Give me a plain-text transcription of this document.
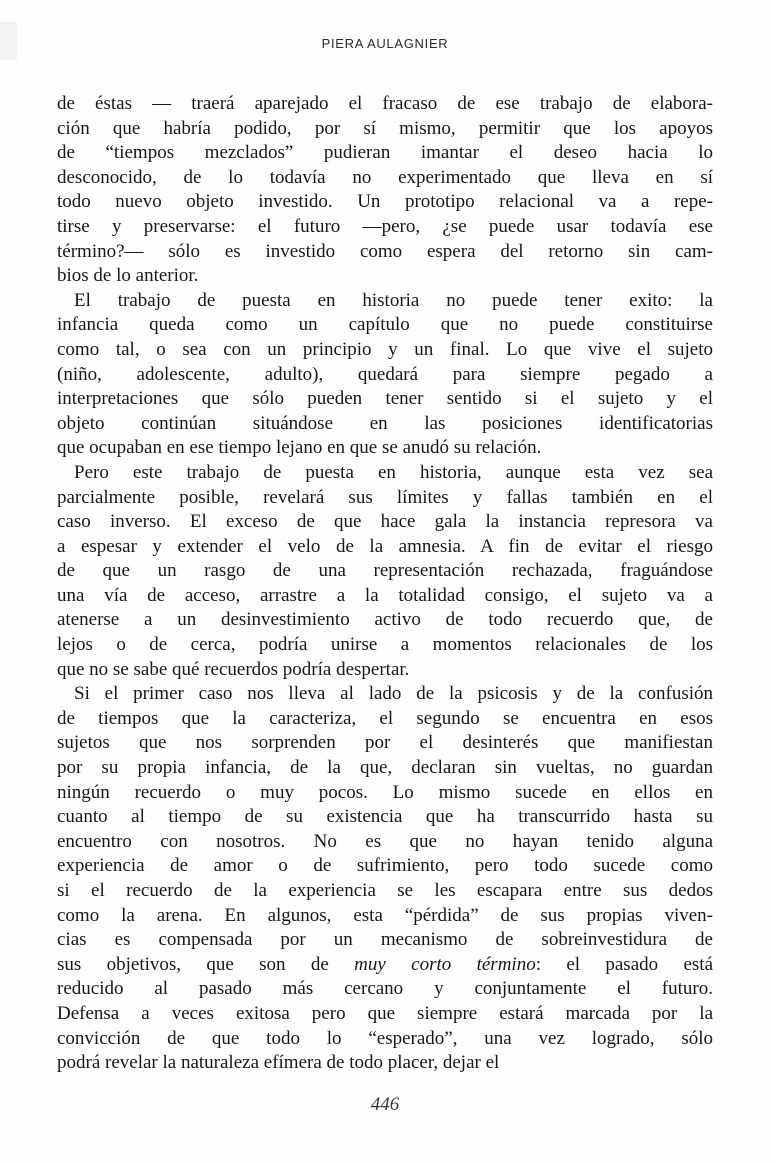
PIERA AULAGNIER
de éstas — traerá aparejado el fracaso de ese trabajo de elabora-
ción que habría podido, por sí mismo, permitir que los apoyos
de “tiempos mezclados” pudieran imantar el deseo hacia lo
desconocido, de lo todavía no experimentado que lleva en sí
todo nuevo objeto investido. Un prototipo relacional va a repe-
tirse y preservarse: el futuro —pero, ¿se puede usar todavía ese
término?— sólo es investido como espera del retorno sin cam-
bios de lo anterior.
El trabajo de puesta en historia no puede tener exito: la
infancia queda como un capítulo que no puede constituirse
como tal, o sea con un principio y un final. Lo que vive el sujeto
(niño, adolescente, adulto), quedará para siempre pegado a
interpretaciones que sólo pueden tener sentido si el sujeto y el
objeto continúan situándose en las posiciones identificatorias
que ocupaban en ese tiempo lejano en que se anudó su relación.
Pero este trabajo de puesta en historia, aunque esta vez sea
parcialmente posible, revelará sus límites y fallas también en el
caso inverso. El exceso de que hace gala la instancia represora va
a espesar y extender el velo de la amnesia. A fin de evitar el riesgo
de que un rasgo de una representación rechazada, fraguándose
una vía de acceso, arrastre a la totalidad consigo, el sujeto va a
atenerse a un desinvestimiento activo de todo recuerdo que, de
lejos o de cerca, podría unirse a momentos relacionales de los
que no se sabe qué recuerdos podría despertar.
Si el primer caso nos lleva al lado de la psicosis y de la confusión
de tiempos que la caracteriza, el segundo se encuentra en esos
sujetos que nos sorprenden por el desinterés que manifiestan
por su propia infancia, de la que, declaran sin vueltas, no guardan
ningún recuerdo o muy pocos. Lo mismo sucede en ellos en
cuanto al tiempo de su existencia que ha transcurrido hasta su
encuentro con nosotros. No es que no hayan tenido alguna
experiencia de amor o de sufrimiento, pero todo sucede como
si el recuerdo de la experiencia se les escapara entre sus dedos
como la arena. En algunos, esta “pérdida” de sus propias viven-
cias es compensada por un mecanismo de sobreinvestidura de
sus objetivos, que son de muy corto término: el pasado está
reducido al pasado más cercano y conjuntamente el futuro.
Defensa a veces exitosa pero que siempre estará marcada por la
convicción de que todo lo “esperado”, una vez logrado, sólo
podrá revelar la naturaleza efímera de todo placer, dejar el
446
